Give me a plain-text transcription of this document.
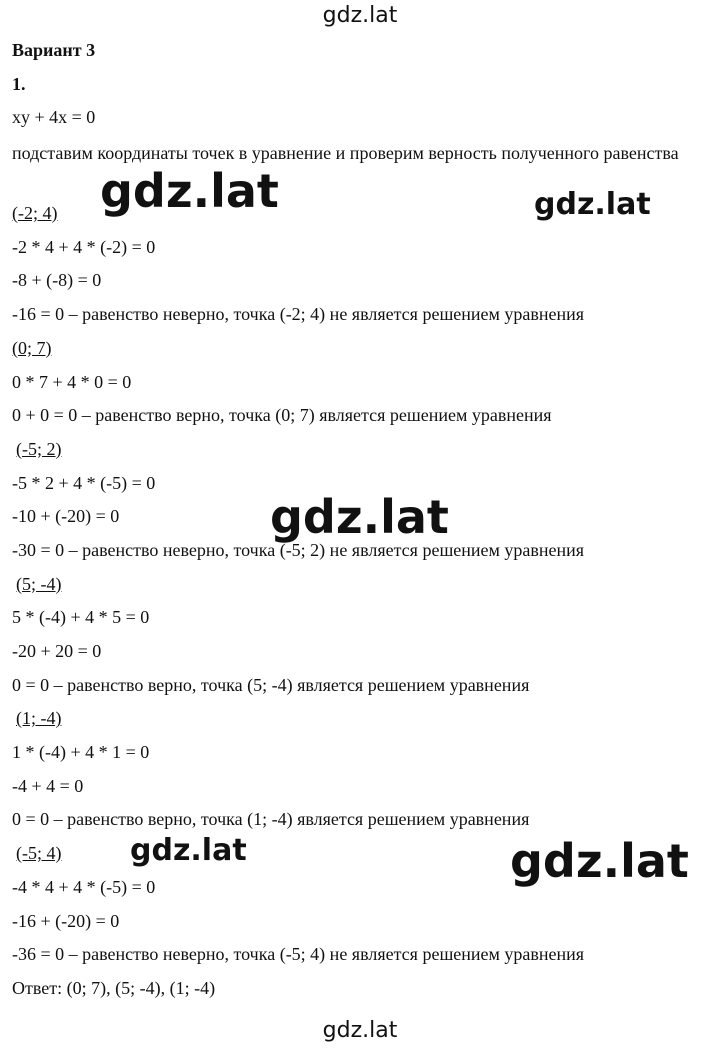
gdz.lat
Вариант 3
1.
xy + 4x = 0
подставим координаты точек в уравнение и проверим верность полученного равенства
(-2; 4)
-2 * 4 + 4 * (-2) = 0
-8 + (-8) = 0
-16 = 0 – равенство неверно, точка (-2; 4) не является решением уравнения
(0; 7)
0 * 7 + 4 * 0 = 0
0 + 0 = 0 – равенство верно, точка (0; 7) является решением уравнения
(-5; 2)
-5 * 2 + 4 * (-5) = 0
-10 + (-20) = 0
-30 = 0 – равенство неверно, точка (-5; 2) не является решением уравнения
(5; -4)
5 * (-4) + 4 * 5 = 0
-20 + 20 = 0
0 = 0 – равенство верно, точка (5; -4) является решением уравнения
(1; -4)
1 * (-4) + 4 * 1 = 0
-4 + 4 = 0
0 = 0 – равенство верно, точка (1; -4) является решением уравнения
(-5; 4)
-4 * 4 + 4 * (-5) = 0
-16 + (-20) = 0
-36 = 0 – равенство неверно, точка (-5; 4) не является решением уравнения
Ответ: (0; 7), (5; -4), (1; -4)
gdz.lat	gdz.lat
gdz.lat
gdz.lat	gdz.lat
gdz.lat
